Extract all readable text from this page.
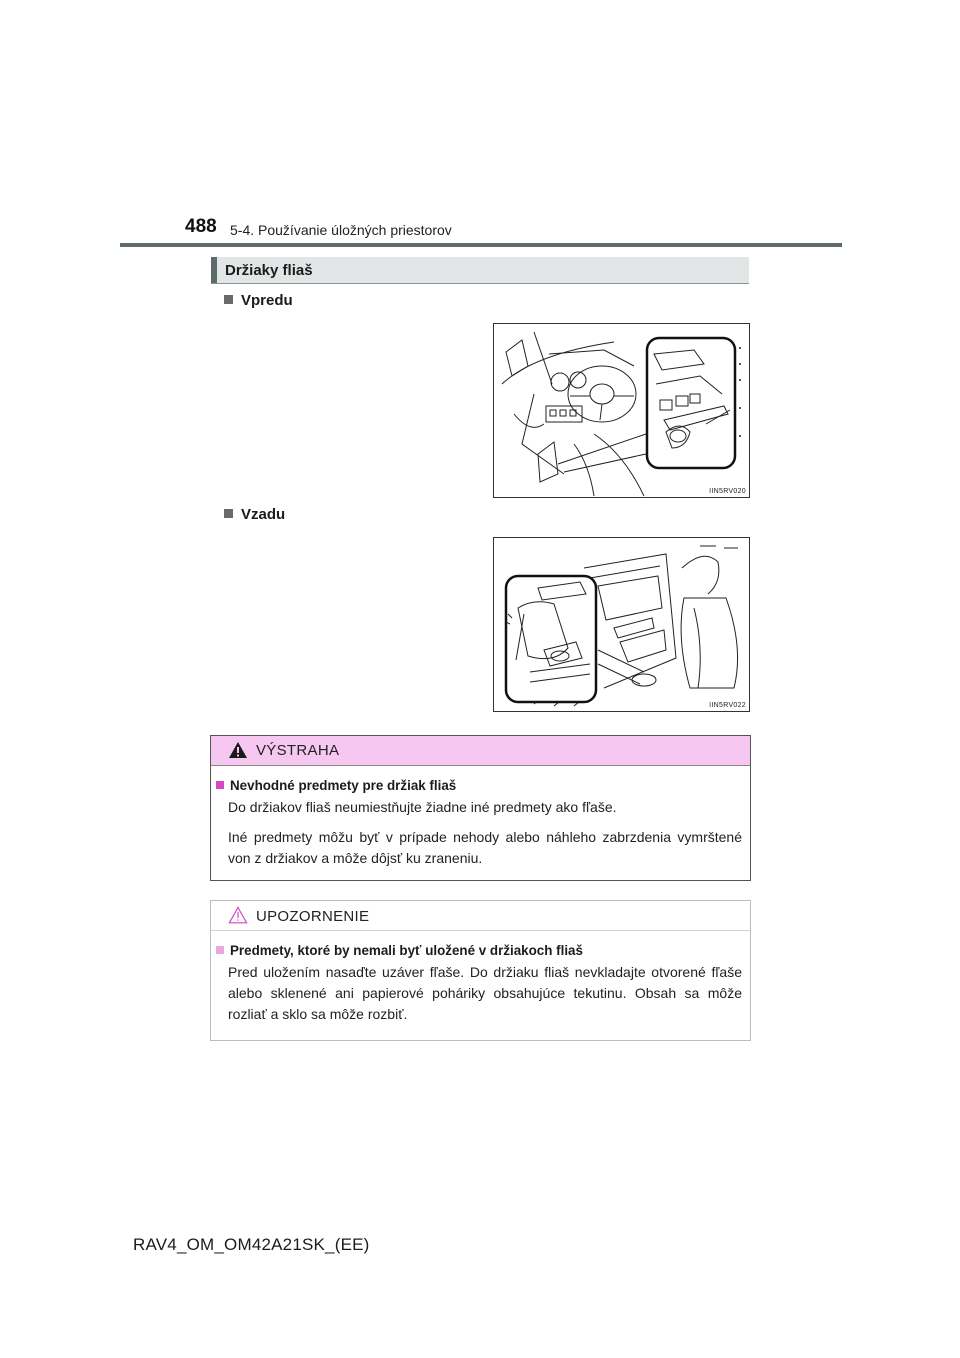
488 5-4. Používanie úložných priestorov
Držiaky fliaš
Vpredu
IIN5RV020
Vzadu
IIN5RV022
VÝSTRAHA
Nevhodné predmety pre držiak fliaš

Do držiakov fliaš neumiestňujte žiadne iné predmety ako fľaše.

Iné predmety môžu byť v prípade nehody alebo náhleho zabrzdenia vymrštené von z držiakov a môže dôjsť ku zraneniu.

UPOZORNENIE
Predmety, ktoré by nemali byť uložené v držiakoch fliaš

Pred uložením nasaďte uzáver fľaše. Do držiaku fliaš nevkladajte otvorené fľaše alebo sklenené ani papierové poháriky obsahujúce tekutinu. Obsah sa môže rozliať a sklo sa môže rozbiť.

RAV4_OM_OM42A21SK_(EE)
